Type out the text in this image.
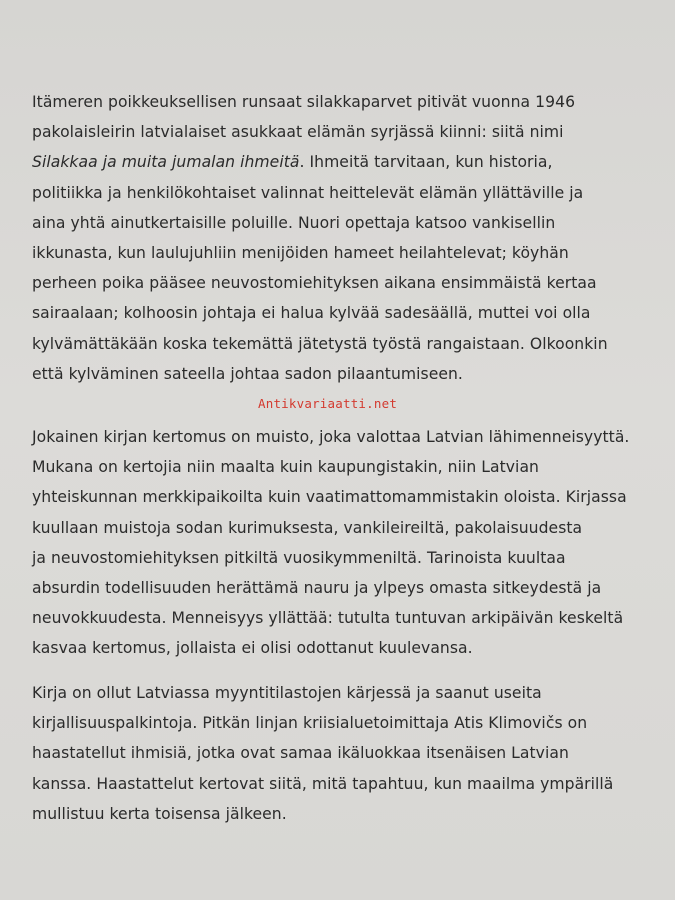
Itämeren poikkeuksellisen runsaat silakkaparvet pitivät vuonna 1946
pakolaisleirin latvialaiset asukkaat elämän syrjässä kiinni: siitä nimi
Silakkaa ja muita jumalan ihmeitä. Ihmeitä tarvitaan, kun historia,
politiikka ja henkilökohtaiset valinnat heittelevät elämän yllättäville ja
aina yhtä ainutkertaisille poluille. Nuori opettaja katsoo vankisellin
ikkunasta, kun laulujuhliin menijöiden hameet heilahtelevat; köyhän
perheen poika pääsee neuvostomiehityksen aikana ensimmäistä kertaa
sairaalaan; kolhoosin johtaja ei halua kylvää sadesäällä, muttei voi olla
kylvämättäkään koska tekemättä jätetystä työstä rangaistaan. Olkoonkin
että kylväminen sateella johtaa sadon pilaantumiseen.
Antikvariaatti.net
Jokainen kirjan kertomus on muisto, joka valottaa Latvian lähimenneisyyttä.
Mukana on kertojia niin maalta kuin kaupungistakin, niin Latvian
yhteiskunnan merkkipaikoilta kuin vaatimattomammistakin oloista. Kirjassa
kuullaan muistoja sodan kurimuksesta, vankileireiltä, pakolaisuudesta
ja neuvostomiehityksen pitkiltä vuosikymmeniltä. Tarinoista kuultaa
absurdin todellisuuden herättämä nauru ja ylpeys omasta sitkeydestä ja
neuvokkuudesta. Menneisyys yllättää: tutulta tuntuvan arkipäivän keskeltä
kasvaa kertomus, jollaista ei olisi odottanut kuulevansa.
Kirja on ollut Latviassa myyntitilastojen kärjessä ja saanut useita
kirjallisuuspalkintoja. Pitkän linjan kriisialuetoimittaja Atis Klimovičs on
haastatellut ihmisiä, jotka ovat samaa ikäluokkaa itsenäisen Latvian
kanssa. Haastattelut kertovat siitä, mitä tapahtuu, kun maailma ympärillä
mullistuu kerta toisensa jälkeen.
